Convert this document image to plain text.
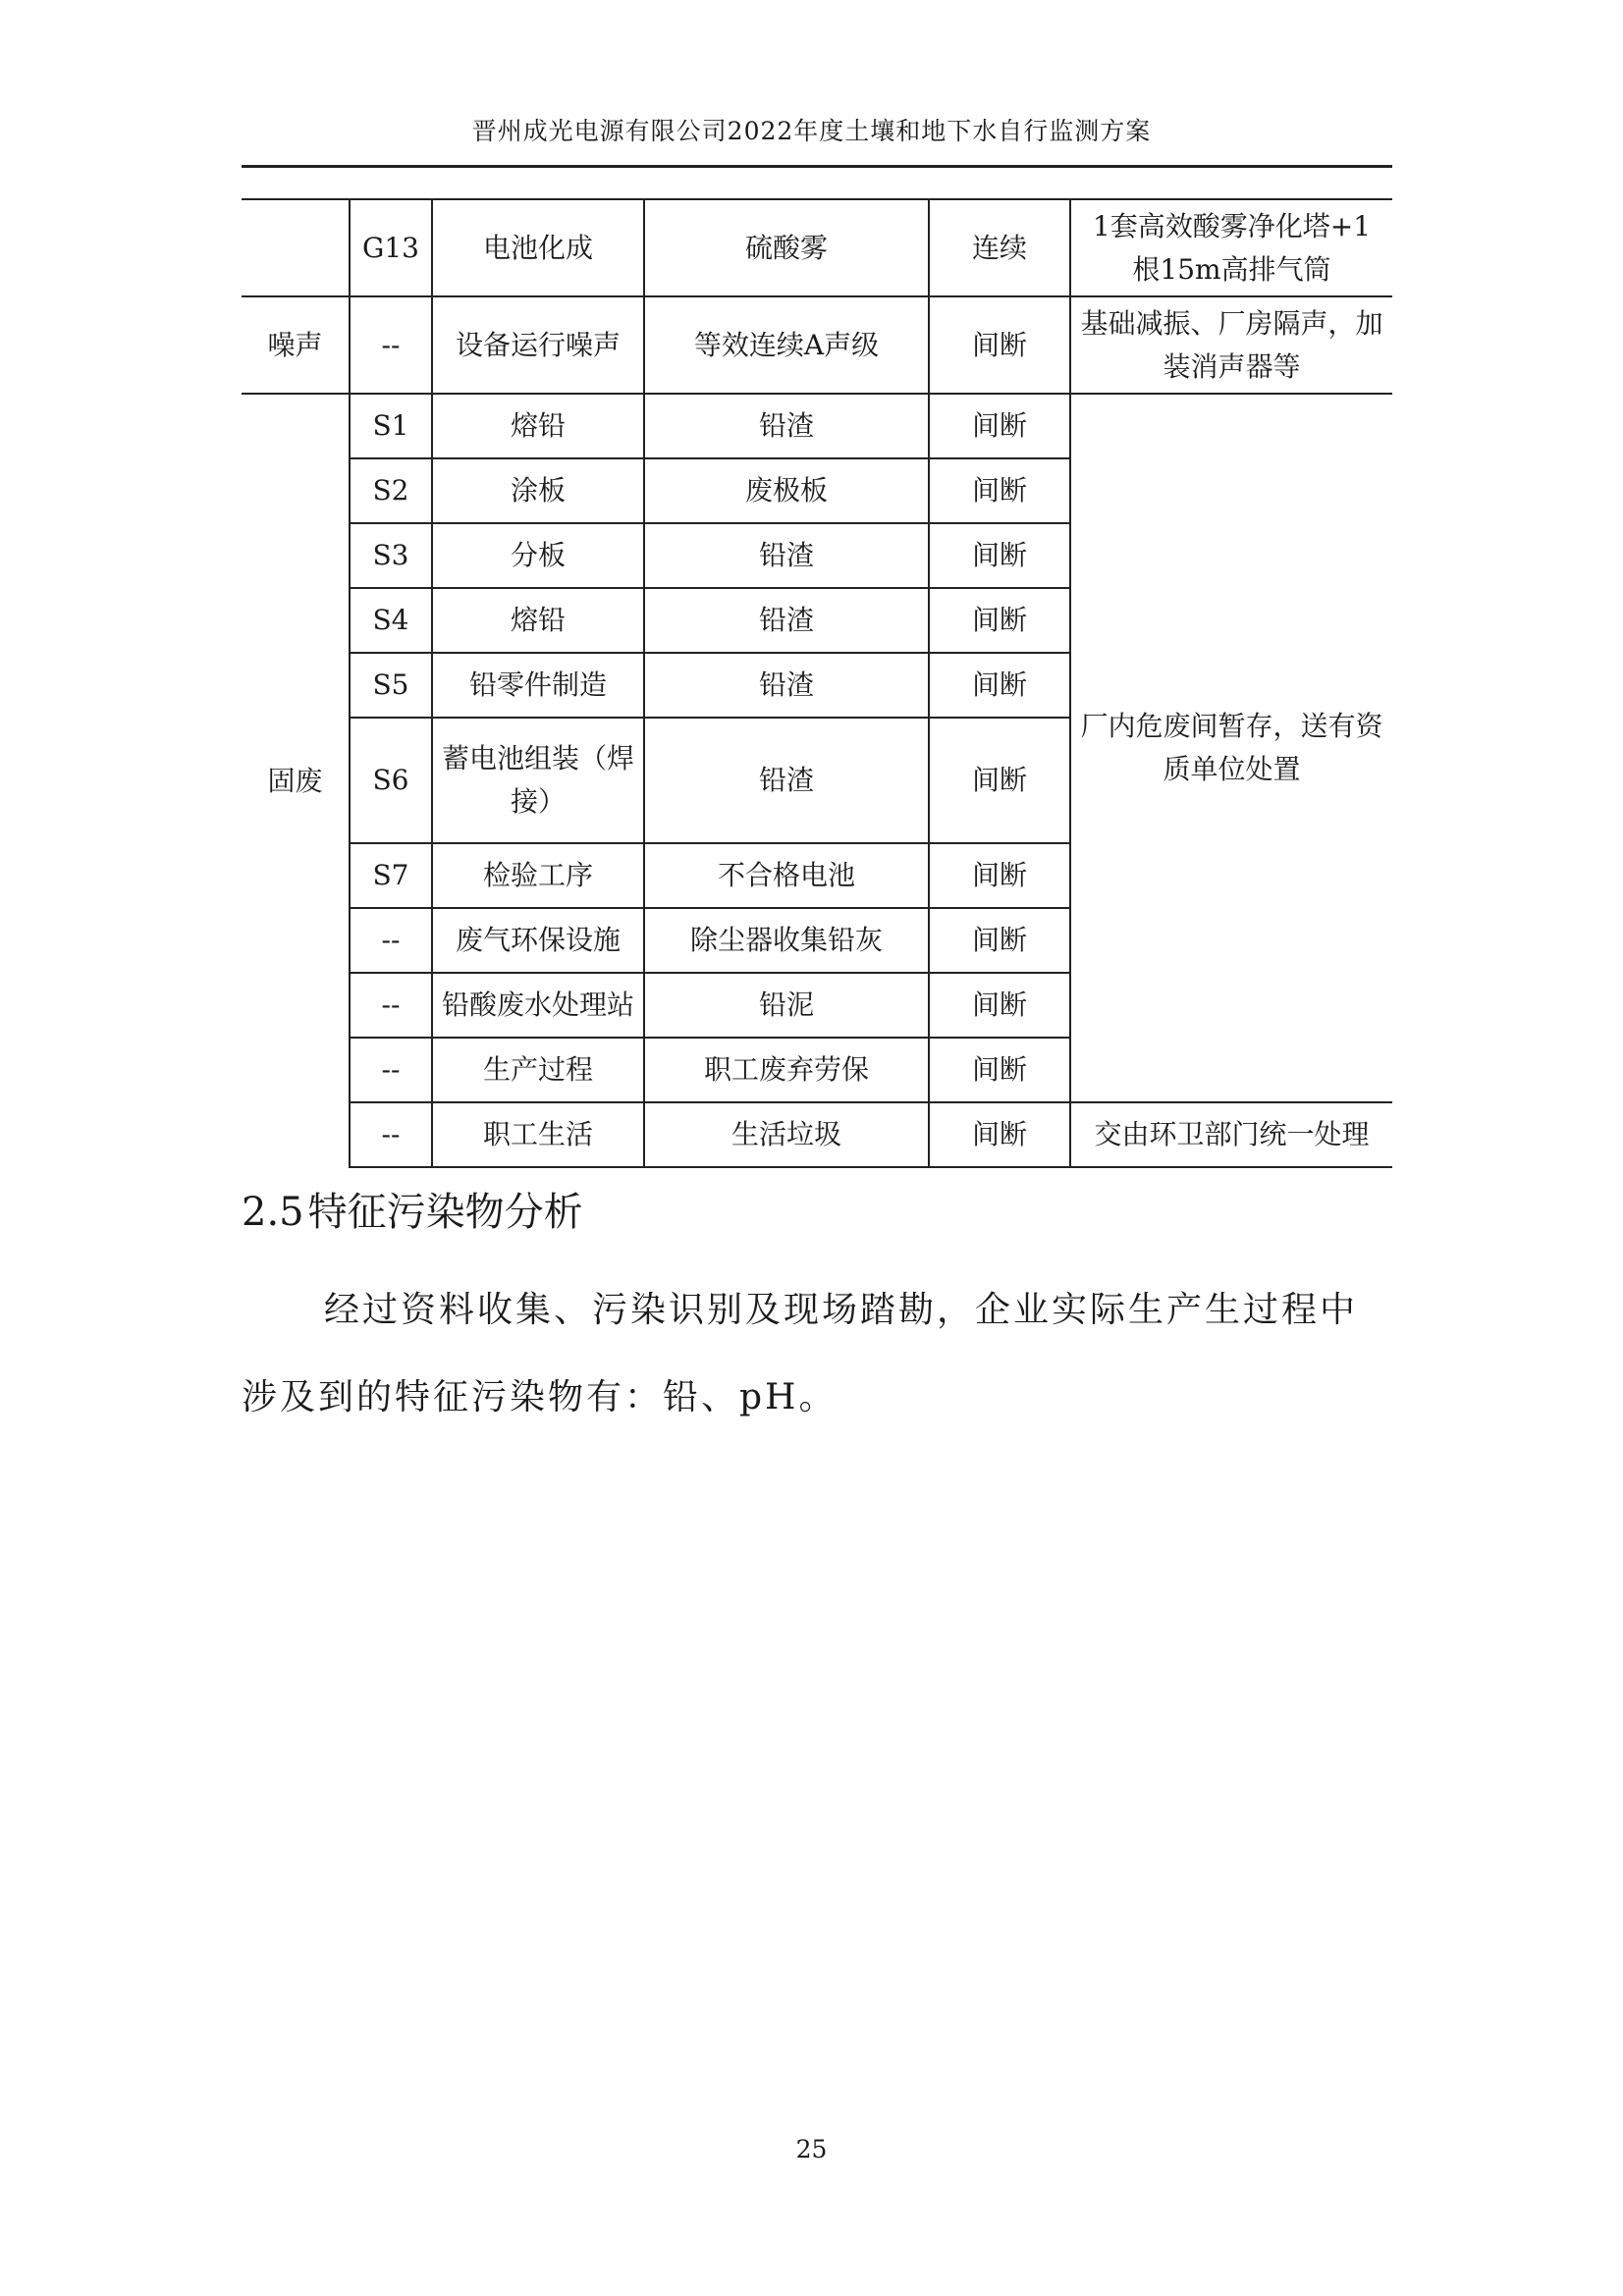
晋州成光电源有限公司2022年度土壤和地下水自行监测方案
	G13	电池化成	硫酸雾	连续	1套高效酸雾净化塔+1根15m高排气筒
噪声	--	设备运行噪声	等效连续A声级	间断	基础减振、厂房隔声，加装消声器等
固废	S1	熔铅	铅渣	间断	厂内危废间暂存，送有资质单位处置
	S2	涂板	废极板	间断	
	S3	分板	铅渣	间断	
	S4	熔铅	铅渣	间断	
	S5	铅零件制造	铅渣	间断	
	S6	蓄电池组装（焊接）	铅渣	间断	
	S7	检验工序	不合格电池	间断	
	--	废气环保设施	除尘器收集铅灰	间断	
	--	铅酸废水处理站	铅泥	间断	
	--	生产过程	职工废弃劳保	间断	
	--	职工生活	生活垃圾	间断	交由环卫部门统一处理
2.5 特征污染物分析

经过资料收集、污染识别及现场踏勘，企业实际生产生过程中涉及到的特征污染物有：铅、pH。

25
